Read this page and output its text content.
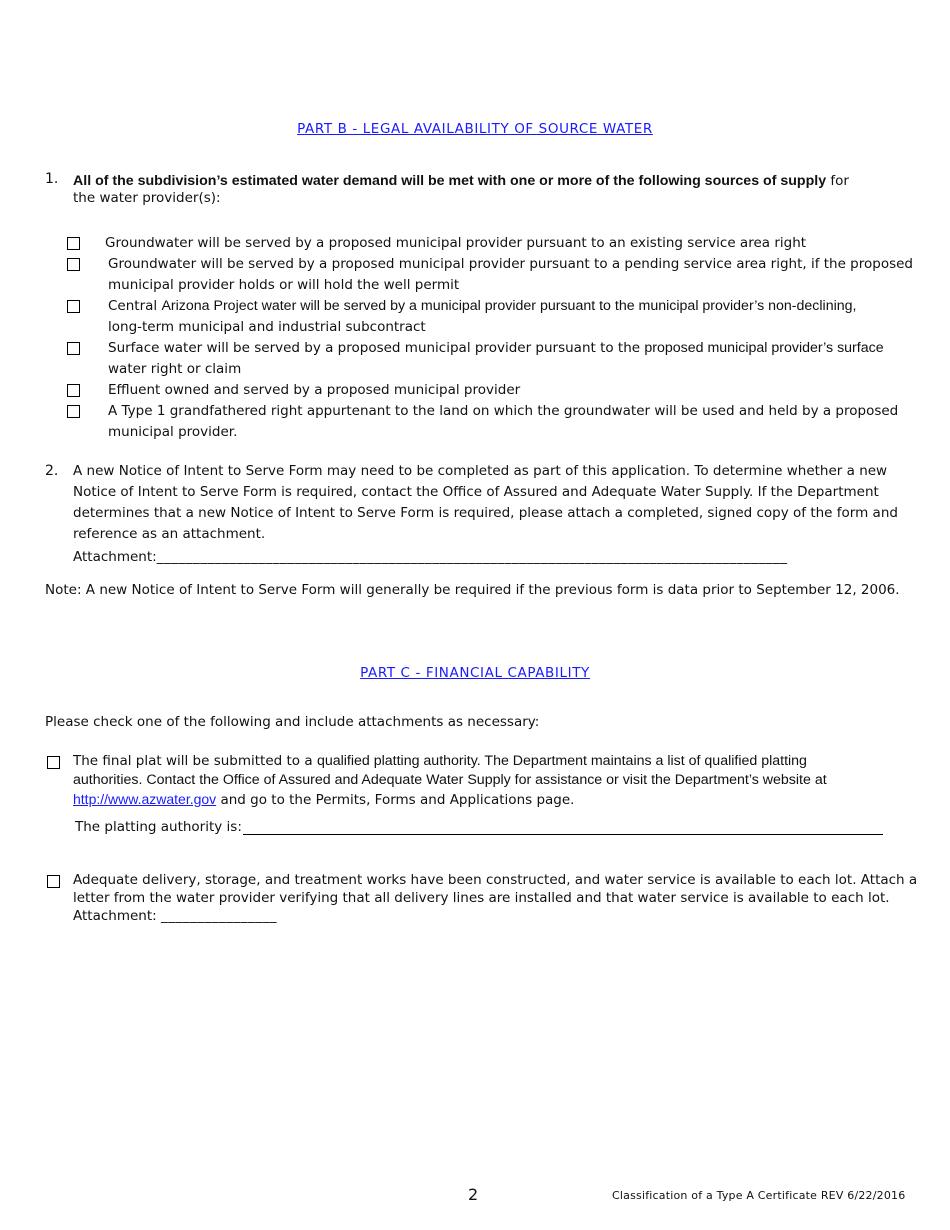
PART B - LEGAL AVAILABILITY OF SOURCE WATER
1. All of the subdivision’s estimated water demand will be met with one or more of the following sources of supply for
the water provider(s):
Groundwater will be served by a proposed municipal provider pursuant to an existing service area right
Groundwater will be served by a proposed municipal provider pursuant to a pending service area right, if the proposed
municipal provider holds or will hold the well permit
Central Arizona Project water will be served by a municipal provider pursuant to the municipal provider’s non-declining,
long-term municipal and industrial subcontract
Surface water will be served by a proposed municipal provider pursuant to the proposed municipal provider’s surface
water right or claim
Effluent owned and served by a proposed municipal provider
A Type 1 grandfathered right appurtenant to the land on which the groundwater will be used and held by a proposed
municipal provider.
2. A new Notice of Intent to Serve Form may need to be completed as part of this application. To determine whether a new
Notice of Intent to Serve Form is required, contact the Office of Assured and Adequate Water Supply. If the Department
determines that a new Notice of Intent to Serve Form is required, please attach a completed, signed copy of the form and
reference as an attachment.
Attachment:_______________________________________________________________________________________
Note: A new Notice of Intent to Serve Form will generally be required if the previous form is data prior to September 12, 2006.
PART C - FINANCIAL CAPABILITY
Please check one of the following and include attachments as necessary:
The final plat will be submitted to a qualified platting authority. The Department maintains a list of qualified platting
authorities. Contact the Office of Assured and Adequate Water Supply for assistance or visit the Department’s website at
http://www.azwater.gov and go to the Permits, Forms and Applications page.
The platting authority is:
Adequate delivery, storage, and treatment works have been constructed, and water service is available to each lot. Attach a
letter from the water provider verifying that all delivery lines are installed and that water service is available to each lot.
Attachment: ________________
2	Classification of a Type A Certificate REV 6/22/2016
